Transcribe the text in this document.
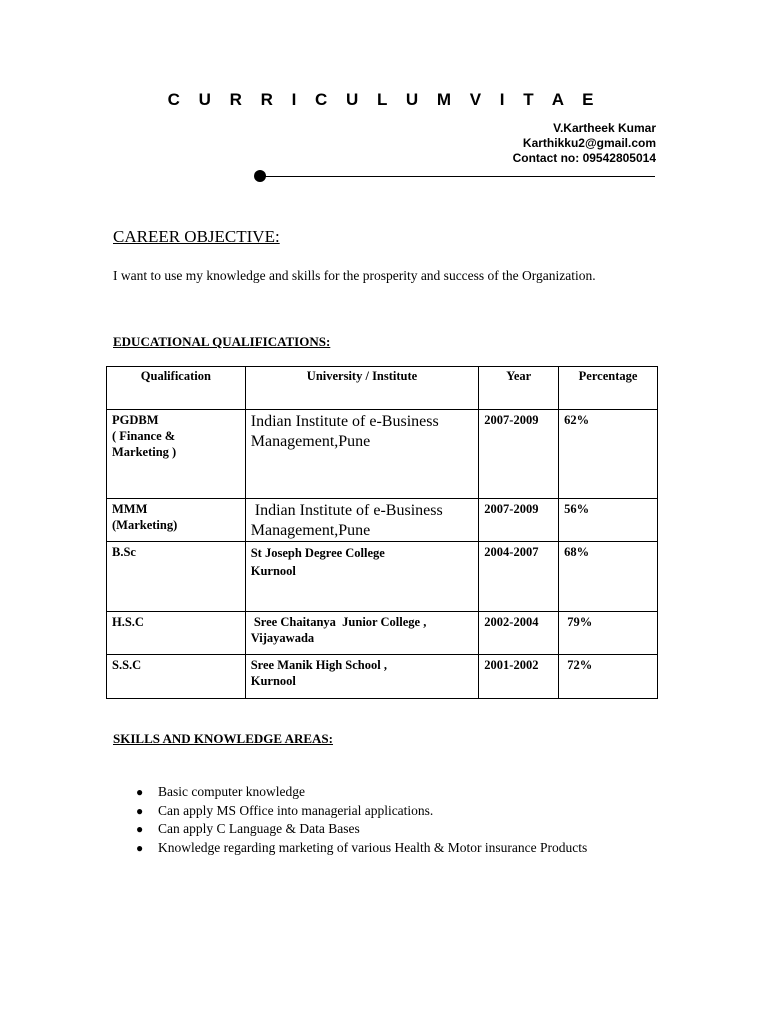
C U R R I C U L U M V I T A E
V.Kartheek Kumar
Karthikku2@gmail.com
Contact no: 09542805014
CAREER OBJECTIVE:
I want to use my knowledge and skills for the prosperity and success of the Organization.
EDUCATIONAL QUALIFICATIONS:
Qualification	University / Institute	Year	Percentage
PGDBM
( Finance &
Marketing )	Indian Institute of e-Business
Management,Pune	2007-2009	62%
MMM
(Marketing)	Indian Institute of e-Business
Management,Pune	2007-2009	56%
B.Sc	St Joseph Degree College
Kurnool	2004-2007	68%
H.S.C	Sree Chaitanya  Junior College ,
Vijayawada	2002-2004	79%
S.S.C	Sree Manik High School ,
Kurnool	2001-2002	72%
SKILLS AND KNOWLEDGE AREAS:
● Basic computer knowledge
● Can apply MS Office into managerial applications.
● Can apply C Language & Data Bases
● Knowledge regarding marketing of various Health & Motor insurance Products
